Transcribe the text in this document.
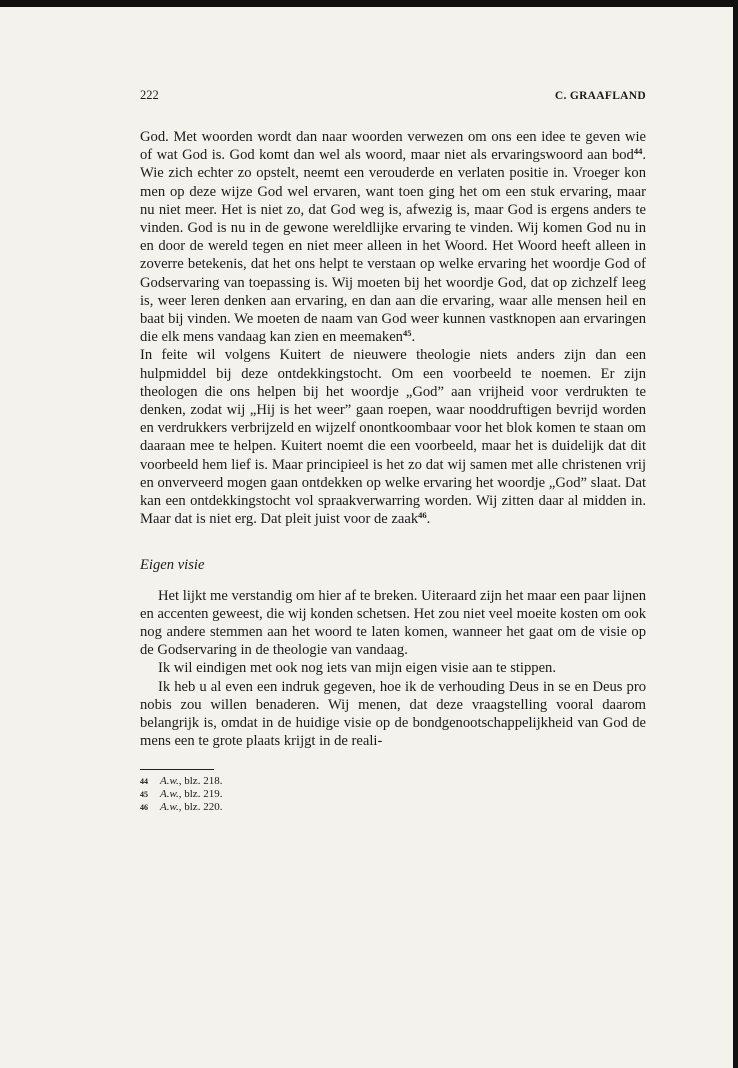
222	C. GRAAFLAND

God. Met woorden wordt dan naar woorden verwezen om ons een idee te geven wie of wat God is. God komt dan wel als woord, maar niet als ervaringswoord aan bod$^{44}$. Wie zich echter zo opstelt, neemt een verouderde en verlaten positie in. Vroeger kon men op deze wijze God wel ervaren, want toen ging het om een stuk ervaring, maar nu niet meer. Het is niet zo, dat God weg is, afwezig is, maar God is ergens anders te vinden. God is nu in de gewone wereldlijke ervaring te vinden. Wij komen God nu in en door de wereld tegen en niet meer alleen in het Woord. Het Woord heeft alleen in zoverre betekenis, dat het ons helpt te verstaan op welke ervaring het woordje God of Godservaring van toepassing is. Wij moeten bij het woordje God, dat op zichzelf leeg is, weer leren denken aan ervaring, en dan aan die ervaring, waar alle mensen heil en baat bij vinden. We moeten de naam van God weer kunnen vastknopen aan ervaringen die elk mens vandaag kan zien en meemaken$^{45}$.

In feite wil volgens Kuitert de nieuwere theologie niets anders zijn dan een hulpmiddel bij deze ontdekkingstocht. Om een voorbeeld te noemen. Er zijn theologen die ons helpen bij het woordje „God” aan vrijheid voor verdrukten te denken, zodat wij „Hij is het weer” gaan roepen, waar nooddruftigen bevrijd worden en verdrukkers verbrijzeld en wijzelf onontkoombaar voor het blok komen te staan om daaraan mee te helpen. Kuitert noemt die een voorbeeld, maar het is duidelijk dat dit voorbeeld hem lief is. Maar principieel is het zo dat wij samen met alle christenen vrij en onverveerd mogen gaan ontdekken op welke ervaring het woordje „God” slaat. Dat kan een ontdekkingstocht vol spraakverwarring worden. Wij zitten daar al midden in. Maar dat is niet erg. Dat pleit juist voor de zaak$^{46}$.

Eigen visie

Het lijkt me verstandig om hier af te breken. Uiteraard zijn het maar een paar lijnen en accenten geweest, die wij konden schetsen. Het zou niet veel moeite kosten om ook nog andere stemmen aan het woord te laten komen, wanneer het gaat om de visie op de Godservaring in de theologie van vandaag.

Ik wil eindigen met ook nog iets van mijn eigen visie aan te stippen.

Ik heb u al even een indruk gegeven, hoe ik de verhouding Deus in se en Deus pro nobis zou willen benaderen. Wij menen, dat deze vraagstelling vooral daarom belangrijk is, omdat in de huidige visie op de bondgenootschappelijkheid van God de mens een te grote plaats krijgt in de reali-

44	A.w., blz. 218.
45	A.w., blz. 219.
46	A.w., blz. 220.
